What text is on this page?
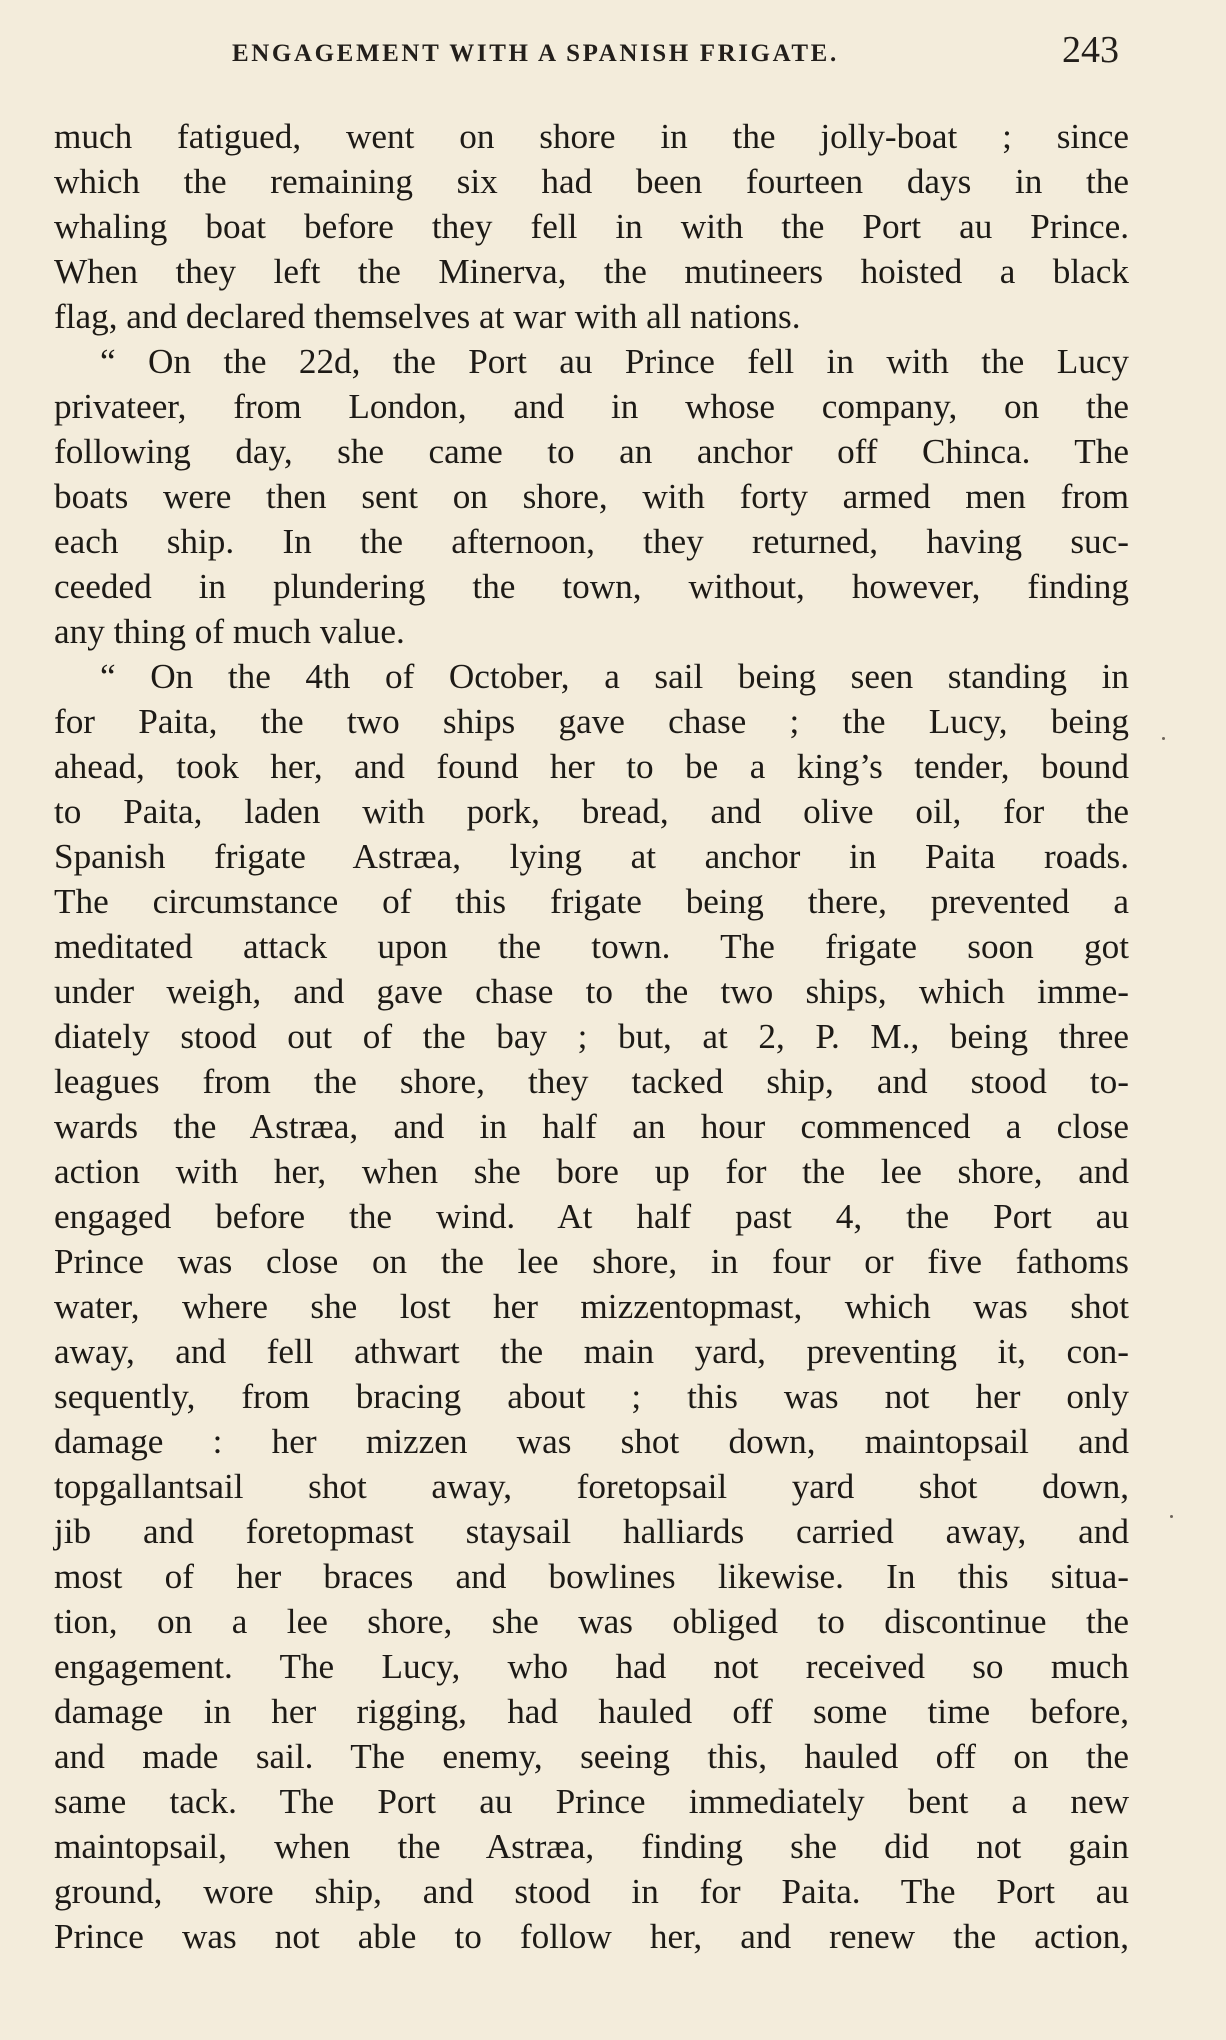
ENGAGEMENT WITH A SPANISH FRIGATE.	243
much fatigued, went on shore in the jolly-boat ; since
which the remaining six had been fourteen days in the
whaling boat before they fell in with the Port au Prince.
When they left the Minerva, the mutineers hoisted a black
flag, and declared themselves at war with all nations.
“ On the 22d, the Port au Prince fell in with the Lucy
privateer, from London, and in whose company, on the
following day, she came to an anchor off Chinca. The
boats were then sent on shore, with forty armed men from
each ship. In the afternoon, they returned, having suc-
ceeded in plundering the town, without, however, finding
any thing of much value.
“ On the 4th of October, a sail being seen standing in
for Paita, the two ships gave chase ; the Lucy, being
ahead, took her, and found her to be a king’s tender, bound
to Paita, laden with pork, bread, and olive oil, for the
Spanish frigate Astræa, lying at anchor in Paita roads.
The circumstance of this frigate being there, prevented a
meditated attack upon the town. The frigate soon got
under weigh, and gave chase to the two ships, which imme-
diately stood out of the bay ; but, at 2, P. M., being three
leagues from the shore, they tacked ship, and stood to-
wards the Astræa, and in half an hour commenced a close
action with her, when she bore up for the lee shore, and
engaged before the wind. At half past 4, the Port au
Prince was close on the lee shore, in four or five fathoms
water, where she lost her mizzentopmast, which was shot
away, and fell athwart the main yard, preventing it, con-
sequently, from bracing about ; this was not her only
damage : her mizzen was shot down, maintopsail and
topgallantsail shot away, foretopsail yard shot down,
jib and foretopmast staysail halliards carried away, and
most of her braces and bowlines likewise. In this situa-
tion, on a lee shore, she was obliged to discontinue the
engagement. The Lucy, who had not received so much
damage in her rigging, had hauled off some time before,
and made sail. The enemy, seeing this, hauled off on the
same tack. The Port au Prince immediately bent a new
maintopsail, when the Astræa, finding she did not gain
ground, wore ship, and stood in for Paita. The Port au
Prince was not able to follow her, and renew the action,
